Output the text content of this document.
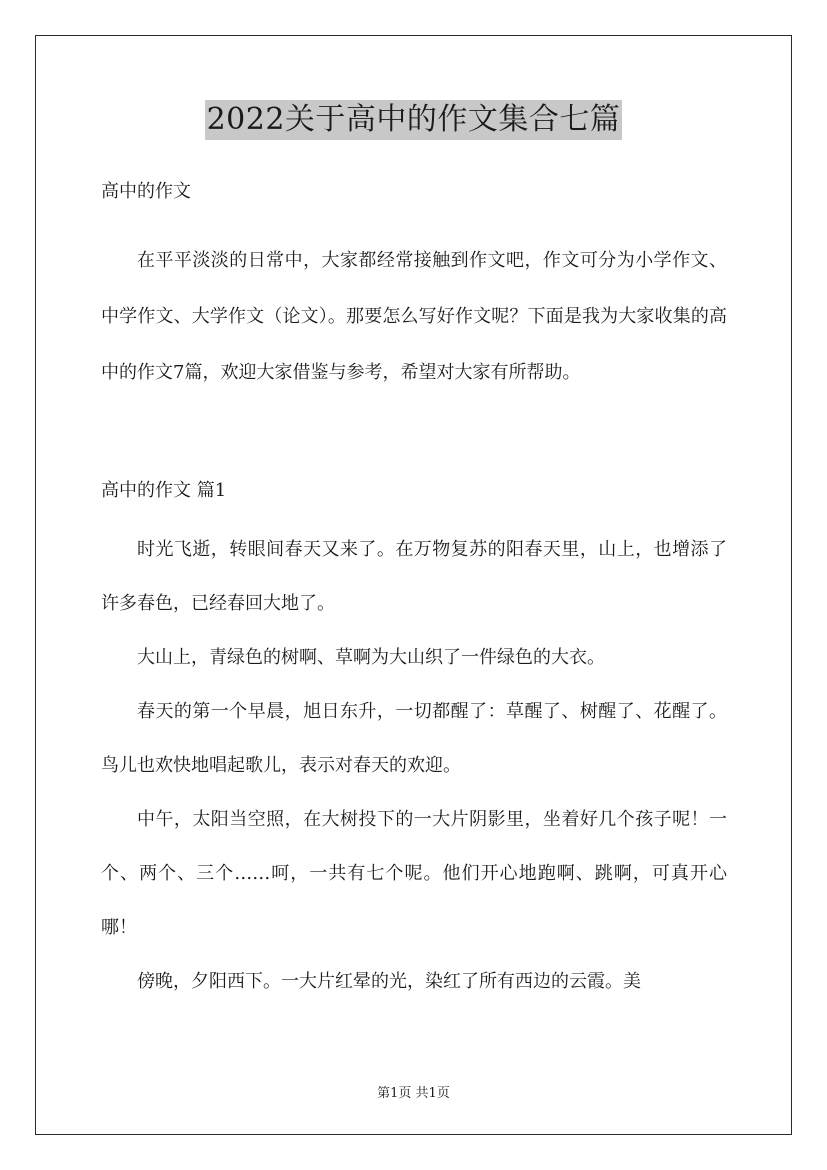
2022关于高中的作文集合七篇

高中的作文

在平平淡淡的日常中，大家都经常接触到作文吧，作文可分为小学作文、中学作文、大学作文（论文）。那要怎么写好作文呢？下面是我为大家收集的高中的作文7篇，欢迎大家借鉴与参考，希望对大家有所帮助。

高中的作文 篇1

时光飞逝，转眼间春天又来了。在万物复苏的阳春天里，山上，也增添了许多春色，已经春回大地了。

大山上，青绿色的树啊、草啊为大山织了一件绿色的大衣。

春天的第一个早晨，旭日东升，一切都醒了：草醒了、树醒了、花醒了。鸟儿也欢快地唱起歌儿，表示对春天的欢迎。

中午，太阳当空照，在大树投下的一大片阴影里，坐着好几个孩子呢！一个、两个、三个……呵，一共有七个呢。他们开心地跑啊、跳啊，可真开心哪！

傍晚，夕阳西下。一大片红晕的光，染红了所有西边的云霞。美

第1页 共1页
